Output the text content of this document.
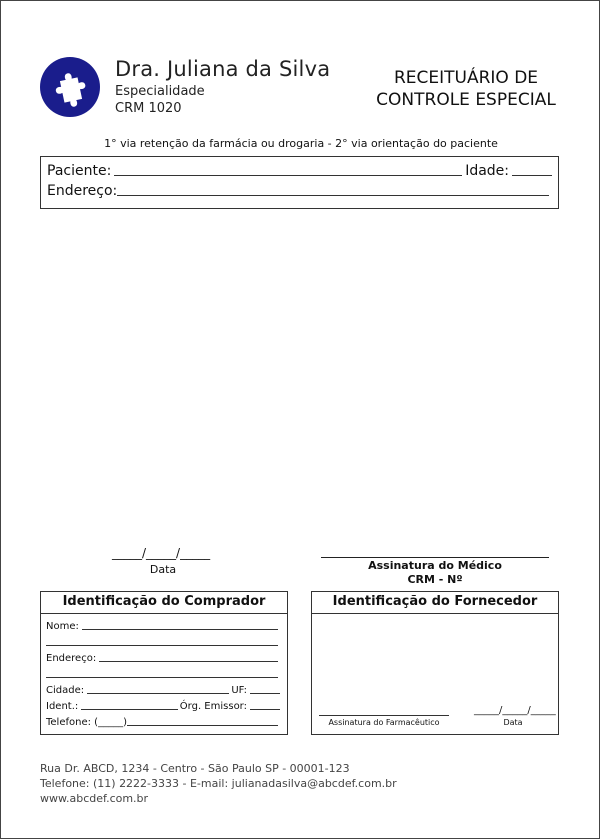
Dra. Juliana da Silva
Especialidade
CRM 1020
RECEITUÁRIO DE
CONTROLE ESPECIAL
1° via retenção da farmácia ou drogaria - 2° via orientação do paciente
Paciente:	Idade:
Endereço:
_____/_____/_____
Data	Assinatura do Médico
CRM - Nº
Identificação do Comprador
Nome:
Endereço:
Cidade:	UF:
Ident.:	Órg. Emissor:
Telefone: (_____)
Identificação do Fornecedor
Assinatura do Farmacêutico
_____/_____/_____
Data
Rua Dr. ABCD, 1234 - Centro - São Paulo SP - 00001-123
Telefone: (11) 2222-3333 - E-mail: julianadasilva@abcdef.com.br
www.abcdef.com.br
